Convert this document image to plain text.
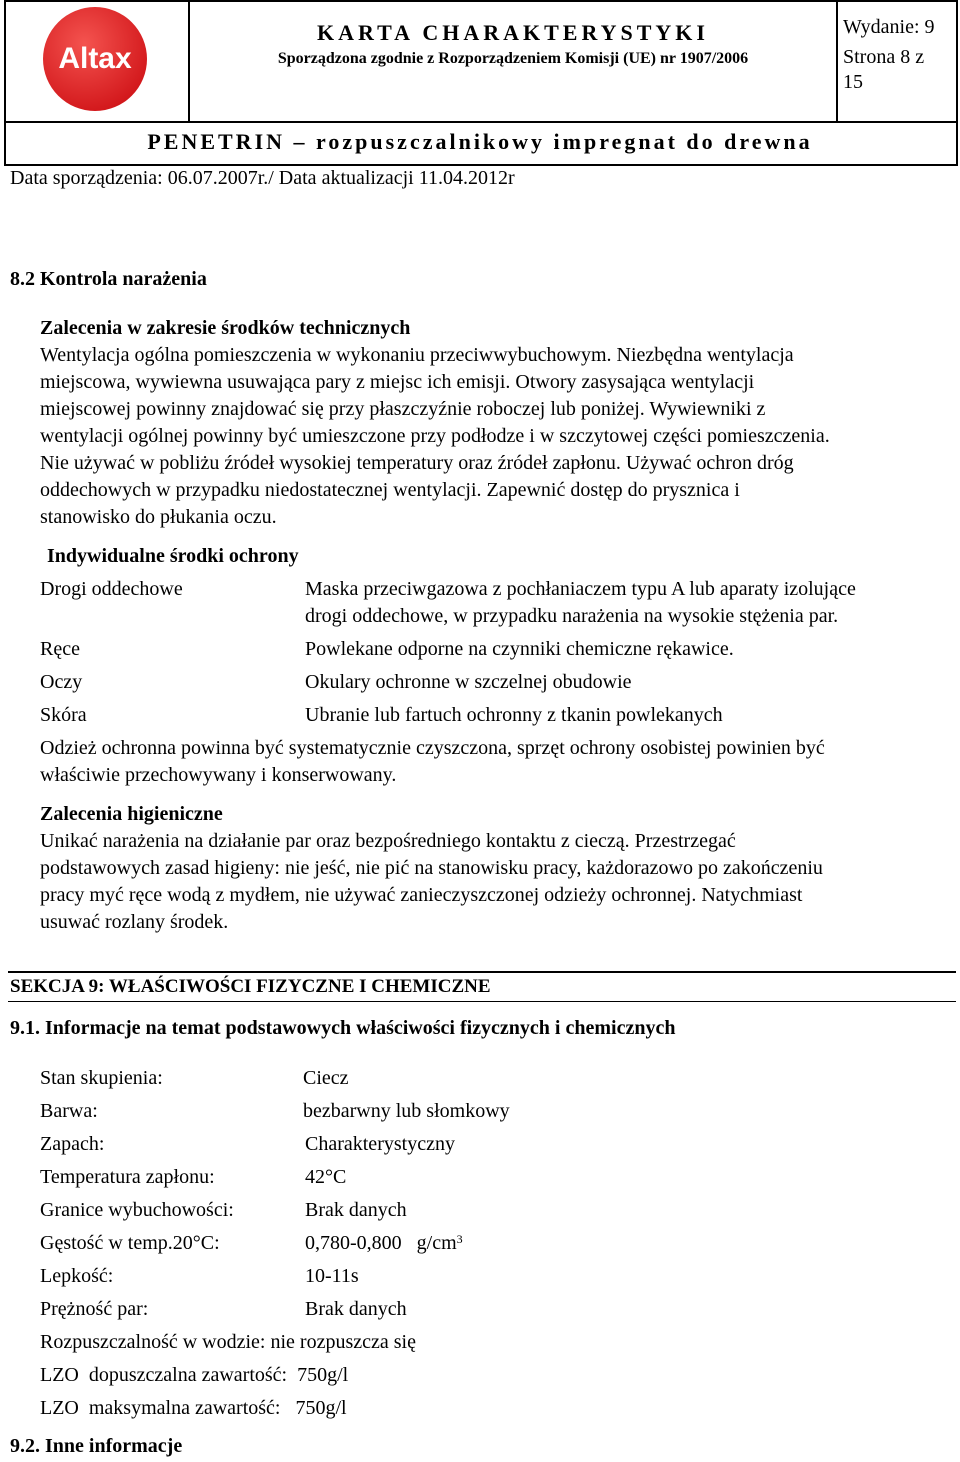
Altax
KARTA CHARAKTERYSTYKI
Sporządzona zgodnie z Rozporządzeniem Komisji (UE) nr 1907/2006
Wydanie: 9
Strona 8 z
15
PENETRIN – rozpuszczalnikowy impregnat do drewna
Data sporządzenia: 06.07.2007r./ Data aktualizacji 11.04.2012r
8.2 Kontrola narażenia
Zalecenia w zakresie środków technicznych
Wentylacja ogólna pomieszczenia w wykonaniu przeciwwybuchowym. Niezbędna wentylacja
miejscowa, wywiewna usuwająca pary z miejsc ich emisji. Otwory zasysająca wentylacji
miejscowej powinny znajdować się przy płaszczyźnie roboczej lub poniżej. Wywiewniki z
wentylacji ogólnej powinny być umieszczone przy podłodze i w szczytowej części pomieszczenia.
Nie używać w pobliżu źródeł wysokiej temperatury oraz źródeł zapłonu. Używać ochron dróg
oddechowych w przypadku niedostatecznej wentylacji. Zapewnić dostęp do prysznica i
stanowisko do płukania oczu.
Indywidualne środki ochrony
Drogi oddechowe	Maska przeciwgazowa z pochłaniaczem typu A lub aparaty izolujące
drogi oddechowe, w przypadku narażenia na wysokie stężenia par.
Ręce	Powlekane odporne na czynniki chemiczne rękawice.
Oczy	Okulary ochronne w szczelnej obudowie
Skóra	Ubranie lub fartuch ochronny z tkanin powlekanych
Odzież ochronna powinna być systematycznie czyszczona, sprzęt ochrony osobistej powinien być
właściwie przechowywany i konserwowany.
Zalecenia higieniczne
Unikać narażenia na działanie par oraz bezpośredniego kontaktu z cieczą. Przestrzegać
podstawowych zasad higieny: nie jeść, nie pić na stanowisku pracy, każdorazowo po zakończeniu
pracy myć ręce wodą z mydłem, nie używać zanieczyszczonej odzieży ochronnej. Natychmiast
usuwać rozlany środek.
SEKCJA 9: WŁAŚCIWOŚCI FIZYCZNE I CHEMICZNE
9.1. Informacje na temat podstawowych właściwości fizycznych i chemicznych
Stan skupienia:	Ciecz
Barwa:	bezbarwny lub słomkowy
Zapach:	Charakterystyczny
Temperatura zapłonu:	42°C
Granice wybuchowości:	Brak danych
Gęstość w temp.20°C:	0,780-0,800   $g/cm^3$
Lepkość:	10-11s
Prężność par:	Brak danych
Rozpuszczalność w wodzie: nie rozpuszcza się
LZO  dopuszczalna zawartość:  750g/l
LZO  maksymalna zawartość:   750g/l
9.2. Inne informacje
